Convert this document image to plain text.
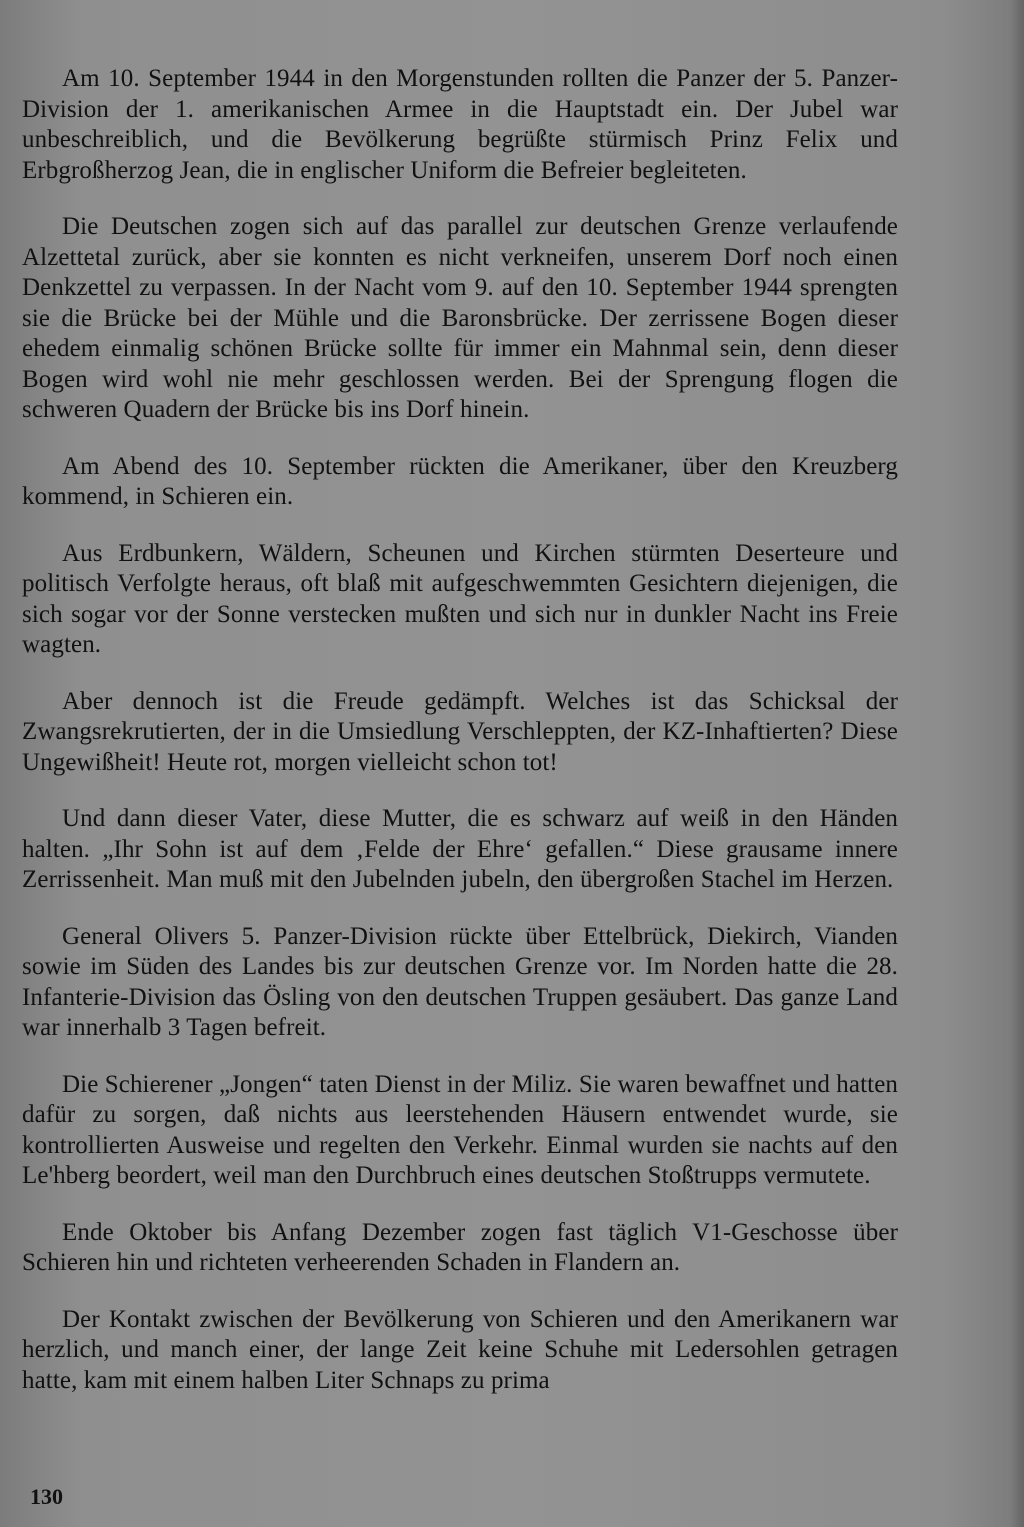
Am 10. September 1944 in den Morgenstunden rollten die Panzer der 5. Panzer-Division der 1. amerikanischen Armee in die Hauptstadt ein. Der Jubel war unbeschreiblich, und die Bevölkerung begrüßte stürmisch Prinz Felix und Erbgroßherzog Jean, die in englischer Uniform die Befreier begleiteten.

Die Deutschen zogen sich auf das parallel zur deutschen Grenze verlaufende Alzettetal zurück, aber sie konnten es nicht verkneifen, unserem Dorf noch einen Denkzettel zu verpassen. In der Nacht vom 9. auf den 10. September 1944 sprengten sie die Brücke bei der Mühle und die Baronsbrücke. Der zerrissene Bogen dieser ehedem einmalig schönen Brücke sollte für immer ein Mahnmal sein, denn dieser Bogen wird wohl nie mehr geschlossen werden. Bei der Sprengung flogen die schweren Quadern der Brücke bis ins Dorf hinein.

Am Abend des 10. September rückten die Amerikaner, über den Kreuzberg kommend, in Schieren ein.

Aus Erdbunkern, Wäldern, Scheunen und Kirchen stürmten Deserteure und politisch Verfolgte heraus, oft blaß mit aufgeschwemmten Gesichtern diejenigen, die sich sogar vor der Sonne verstecken mußten und sich nur in dunkler Nacht ins Freie wagten.

Aber dennoch ist die Freude gedämpft. Welches ist das Schicksal der Zwangsrekrutierten, der in die Umsiedlung Verschleppten, der KZ-Inhaftierten? Diese Ungewißheit! Heute rot, morgen vielleicht schon tot!

Und dann dieser Vater, diese Mutter, die es schwarz auf weiß in den Händen halten. „Ihr Sohn ist auf dem ‚Felde der Ehre‘ gefallen.“ Diese grausame innere Zerrissenheit. Man muß mit den Jubelnden jubeln, den übergroßen Stachel im Herzen.

General Olivers 5. Panzer-Division rückte über Ettelbrück, Diekirch, Vianden sowie im Süden des Landes bis zur deutschen Grenze vor. Im Norden hatte die 28. Infanterie-Division das Ösling von den deutschen Truppen gesäubert. Das ganze Land war innerhalb 3 Tagen befreit.

Die Schierener „Jongen“ taten Dienst in der Miliz. Sie waren bewaffnet und hatten dafür zu sorgen, daß nichts aus leerstehenden Häusern entwendet wurde, sie kontrollierten Ausweise und regelten den Verkehr. Einmal wurden sie nachts auf den Le'hberg beordert, weil man den Durchbruch eines deutschen Stoßtrupps vermutete.

Ende Oktober bis Anfang Dezember zogen fast täglich V1-Geschosse über Schieren hin und richteten verheerenden Schaden in Flandern an.

Der Kontakt zwischen der Bevölkerung von Schieren und den Amerikanern war herzlich, und manch einer, der lange Zeit keine Schuhe mit Ledersohlen getragen hatte, kam mit einem halben Liter Schnaps zu prima

130
